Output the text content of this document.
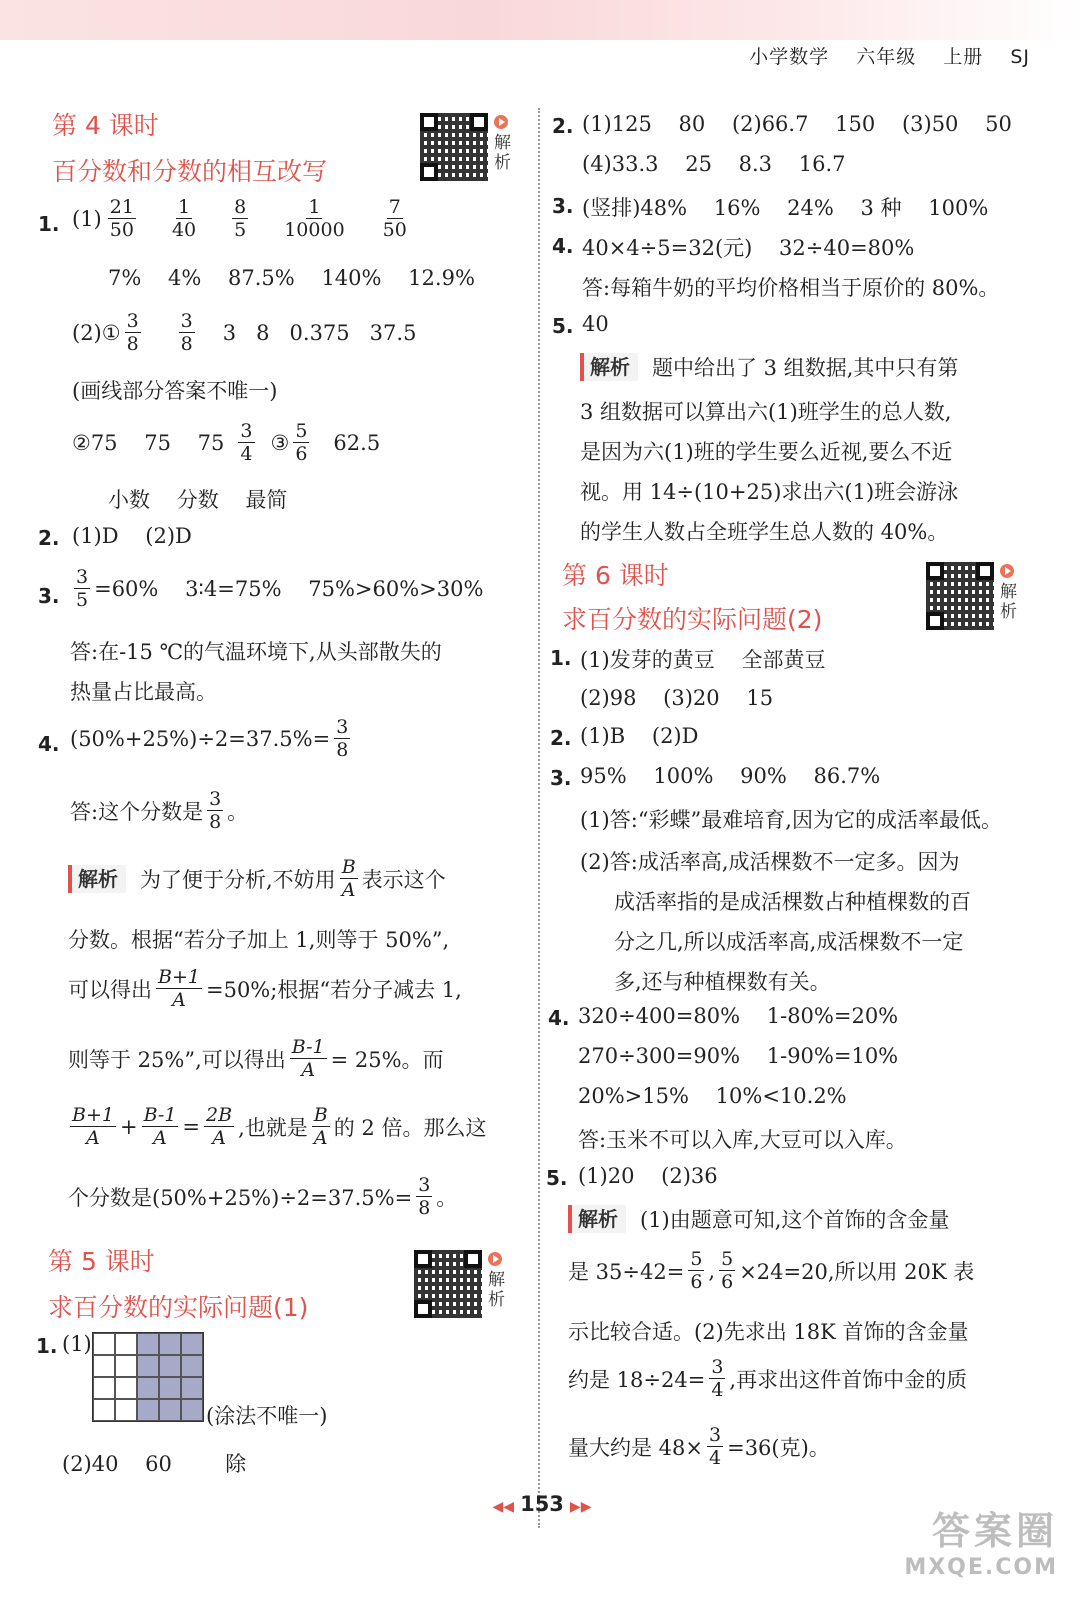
小学数学 六年级 上册 SJ
第 4 课时
百分数和分数的相互改写
解析
1. $(1) \frac{21}{50} \frac{1}{40} \frac{8}{5} \frac{1}{10000} \frac{7}{50}$
7%    4%    87.5%    140%    12.9%
(2)① $\frac{3}{8} \frac{3}{8} 3$   8   0.375   37.5
(画线部分答案不唯一)
②75    75    $75 \frac{3}{4}$ ③ $\frac{5}{6} 62.5$
小数    分数    最简
2. (1)D    (2)D
3. $\frac{3}{5} =60\%$    3∶4=75%    75%>60%>30%
答:在-15 ℃的气温环境下,从头部散失的
热量占比最高。
4. $(50\%+25\%)\div 2=37.5\%= \frac{3}{8}$
答:这个分数是 $\frac{3}{8}$ 。
解析	为了便于分析,不妨用 $\frac{B}{A}$ 表示这个
分数。根据“若分子加上 1,则等于 50%”,
可以得出 $\frac{B+1}{A} =50\%$;根据“若分子减去 1,
则等于 25%”,可以得出 $\frac{B-1}{A} = 25\%$。而
$\frac{B+1}{A} + \frac{B-1}{A} = \frac{2B}{A}$ ,也就是 $\frac{B}{A}$ 的 2 倍。那么这
个分数是$(50\%+25\%)\div 2=37.5\%= \frac{3}{8}$ 。
第 5 课时
求百分数的实际问题(1)
解析
1. (1)
(涂法不唯一)
(2)40    60        除
2. (1)125    80    (2)66.7    150    (3)50    50
(4)33.3    25    8.3    16.7
3. (竖排)48%    16%    24%    3 种    100%
4. 40×4÷5=32(元)    32÷40=80%
答:每箱牛奶的平均价格相当于原价的 80%。
5. 40
解析	题中给出了 3 组数据,其中只有第
3 组数据可以算出六(1)班学生的总人数,
是因为六(1)班的学生要么近视,要么不近
视。用 14÷(10+25)求出六(1)班会游泳
的学生人数占全班学生总人数的 40%。
第 6 课时
求百分数的实际问题(2)
解析
1. (1)发芽的黄豆    全部黄豆
(2)98    (3)20    15
2. (1)B    (2)D
3. 95%    100%    90%    86.7%
(1)答:“彩蝶”最难培育,因为它的成活率最低。
(2)答:成活率高,成活棵数不一定多。因为
成活率指的是成活棵数占种植棵数的百
分之几,所以成活率高,成活棵数不一定
多,还与种植棵数有关。
4. 320÷400=80%    1-80%=20%
270÷300=90%    1-90%=10%
20%>15%    10%<10.2%
答:玉米不可以入库,大豆可以入库。
5. (1)20    (2)36
解析	(1)由题意可知,这个首饰的含金量
是 $35\div 42= \frac{5}{6}$ , $\frac{5}{6} \times 24=20$,所以用 20K 表
示比较合适。(2)先求出 18K 首饰的含金量
约是 $18\div 24= \frac{3}{4}$ ,再求出这件首饰中金的质
量大约是 $48\times \frac{3}{4} =36$(克)。
◀◀ 153 ▶▶
答案圈
MXQE.COM
